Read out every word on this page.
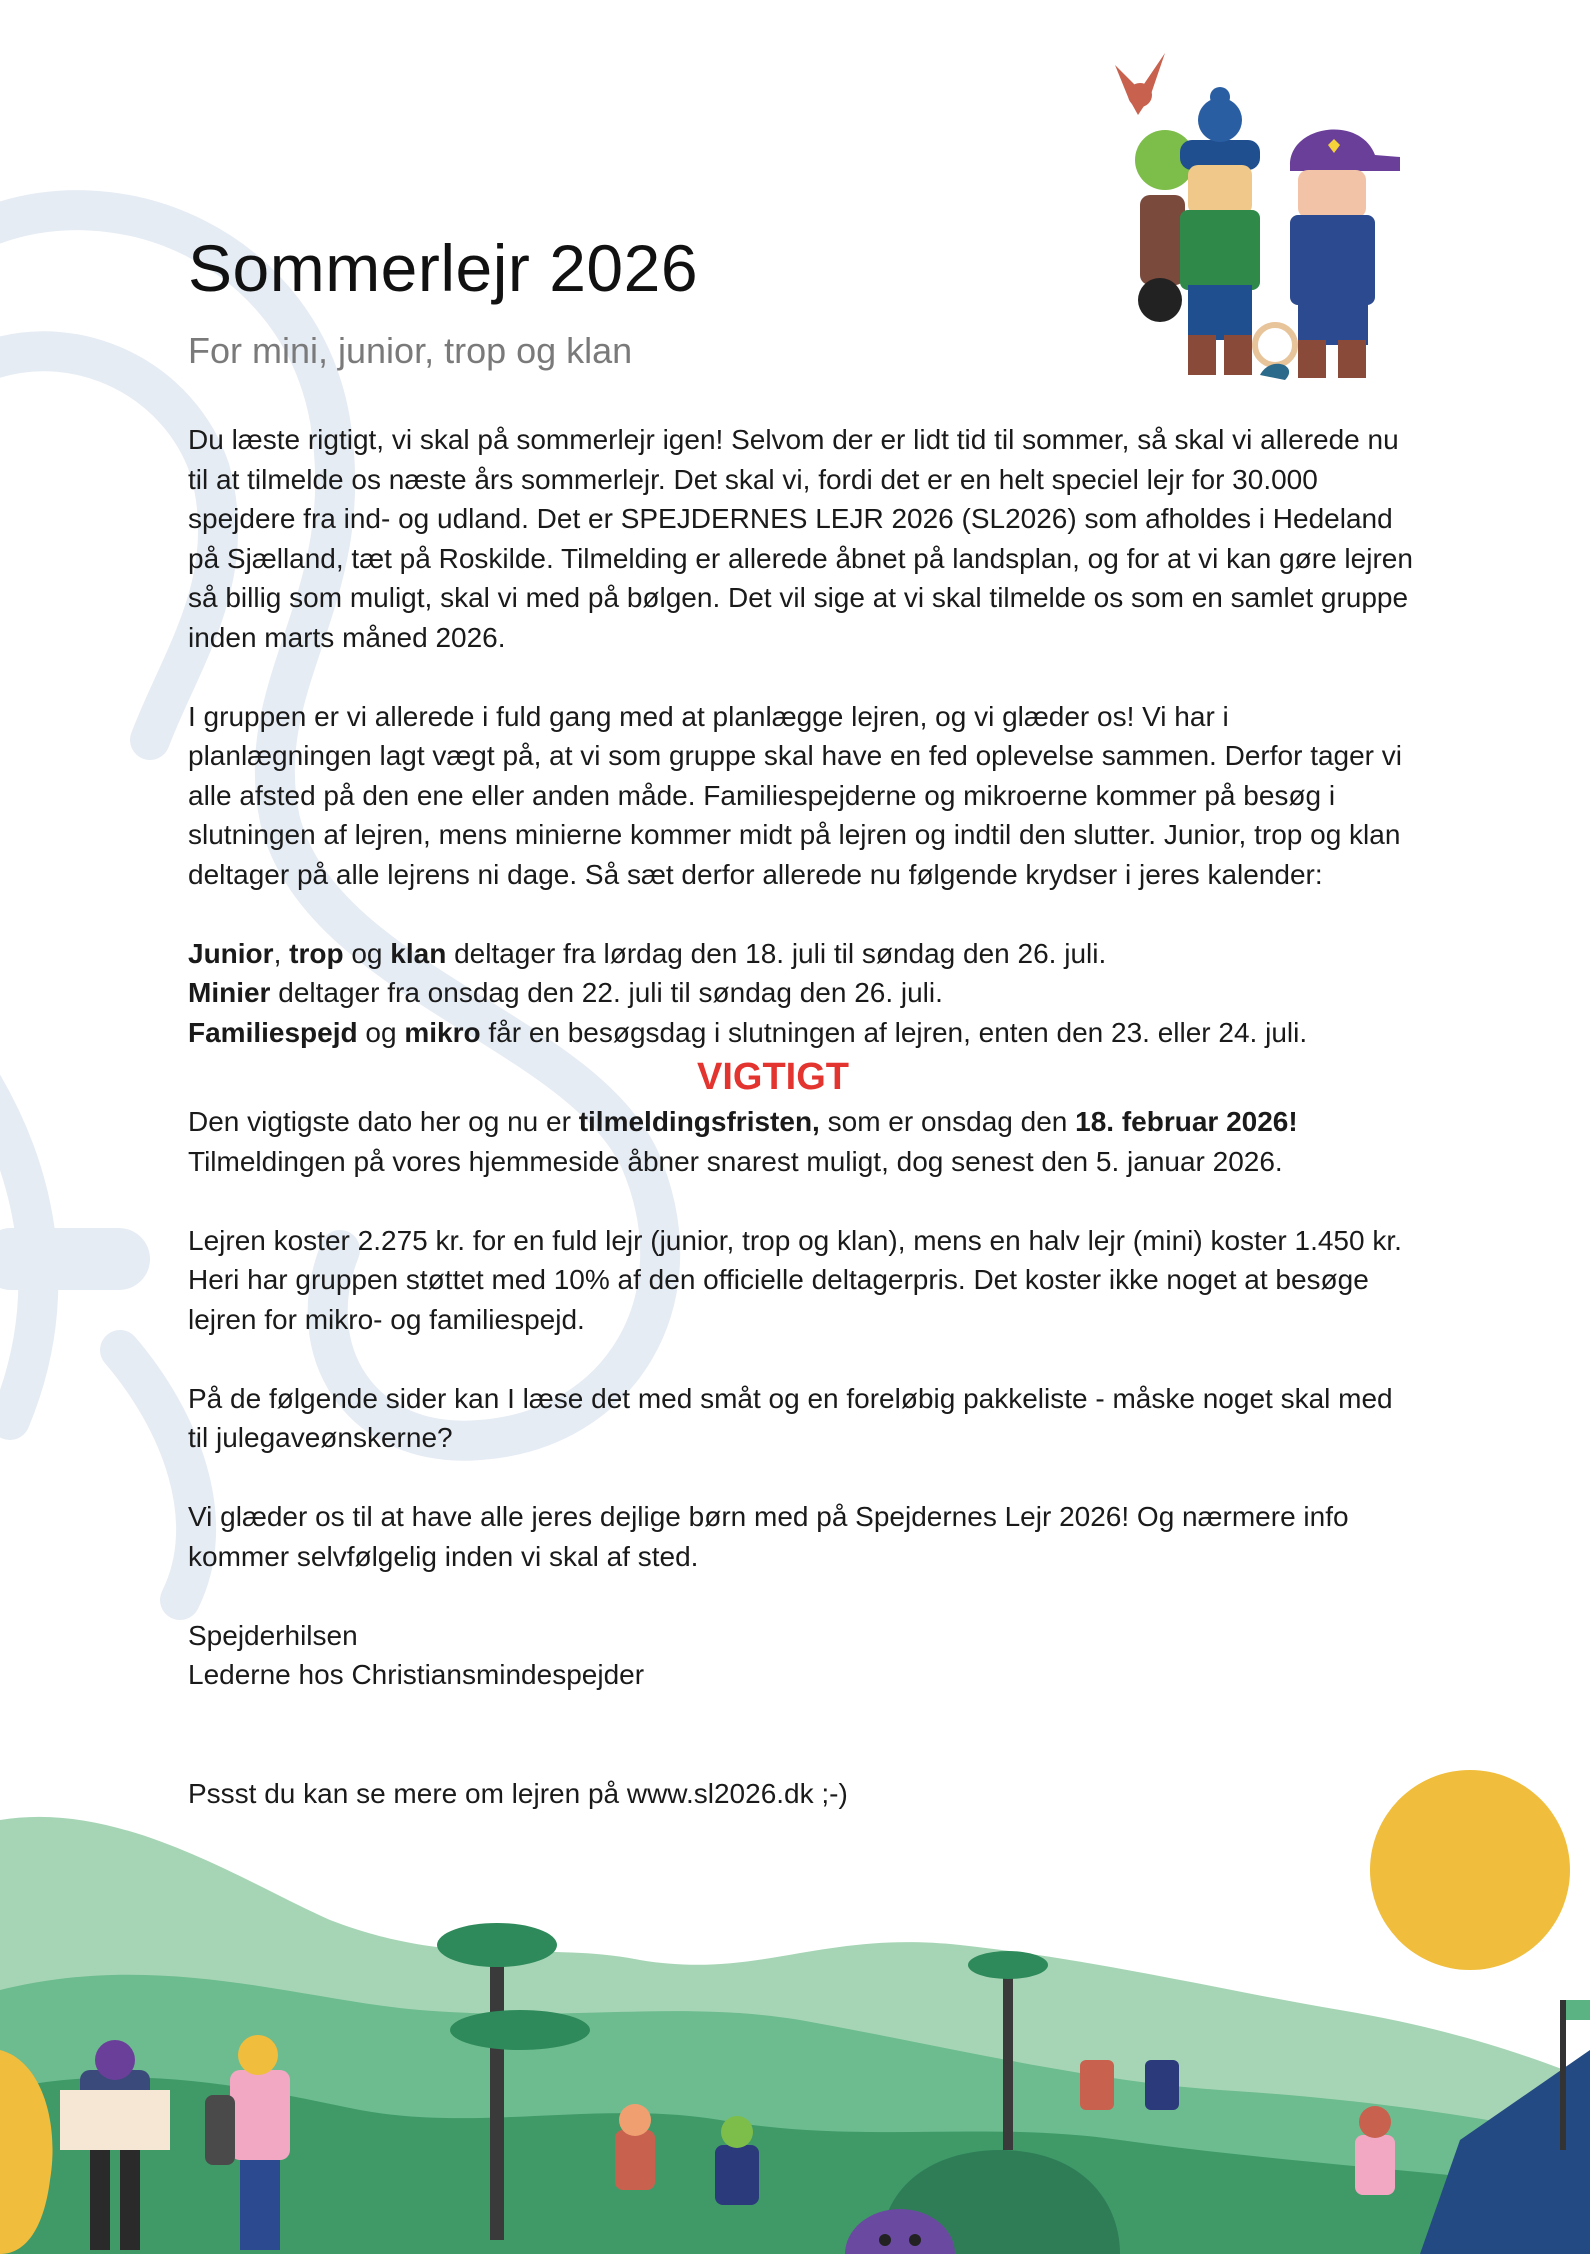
Sommerlejr 2026

For mini, junior, trop og klan

Du læste rigtigt, vi skal på sommerlejr igen! Selvom der er lidt tid til sommer, så skal vi allerede nu til at tilmelde os næste års sommerlejr. Det skal vi, fordi det er en helt speciel lejr for 30.000 spejdere fra ind- og udland. Det er SPEJDERNES LEJR 2026 (SL2026) som afholdes i Hedeland på Sjælland, tæt på Roskilde. Tilmelding er allerede åbnet på landsplan, og for at vi kan gøre lejren så billig som muligt, skal vi med på bølgen. Det vil sige at vi skal tilmelde os som en samlet gruppe inden marts måned 2026.

I gruppen er vi allerede i fuld gang med at planlægge lejren, og vi glæder os! Vi har i planlægningen lagt vægt på, at vi som gruppe skal have en fed oplevelse sammen. Derfor tager vi alle afsted på den ene eller anden måde. Familiespejderne og mikroerne kommer på besøg i slutningen af lejren, mens minierne kommer midt på lejren og indtil den slutter. Junior, trop og klan deltager på alle lejrens ni dage. Så sæt derfor allerede nu følgende krydser i jeres kalender:

Junior, trop og klan deltager fra lørdag den 18. juli til søndag den 26. juli.

Minier deltager fra onsdag den 22. juli til søndag den 26. juli.

Familiespejd og mikro får en besøgsdag i slutningen af lejren, enten den 23. eller 24. juli.

VIGTIGT

Den vigtigste dato her og nu er tilmeldingsfristen, som er onsdag den 18. februar 2026!

Tilmeldingen på vores hjemmeside åbner snarest muligt, dog senest den 5. januar 2026.

Lejren koster 2.275 kr. for en fuld lejr (junior, trop og klan), mens en halv lejr (mini) koster 1.450 kr. Heri har gruppen støttet med 10% af den officielle deltagerpris. Det koster ikke noget at besøge lejren for mikro- og familiespejd.

På de følgende sider kan I læse det med småt og en foreløbig pakkeliste - måske noget skal med til julegaveønskerne?

Vi glæder os til at have alle jeres dejlige børn med på Spejdernes Lejr 2026! Og nærmere info kommer selvfølgelig inden vi skal af sted.

Spejderhilsen

Lederne hos Christiansmindespejder

Pssst du kan se mere om lejren på www.sl2026.dk ;-)
